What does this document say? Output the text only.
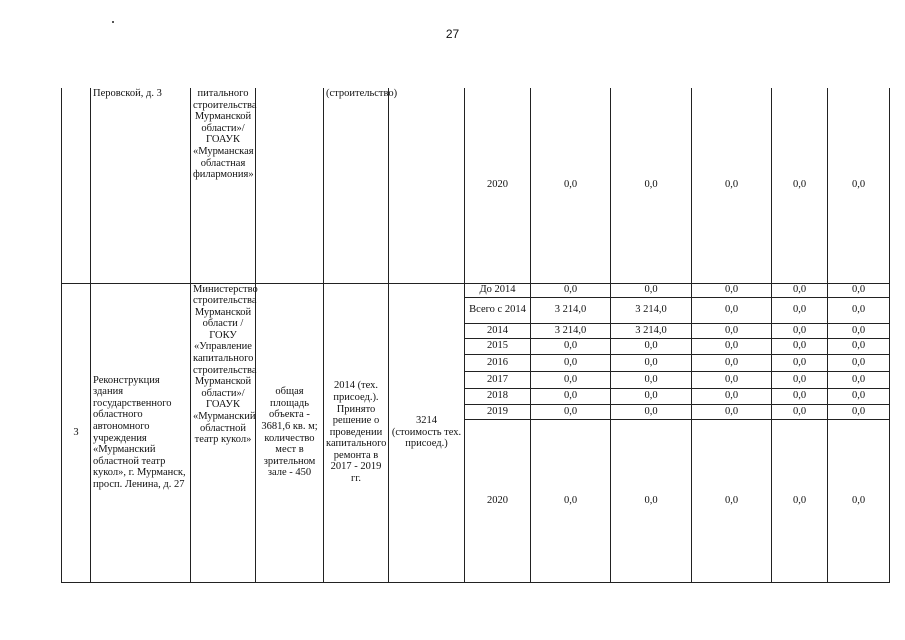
27
	Перовской, д. 3	питального строительства Мурманской области»/ ГОАУК «Мурманская областная филармония»		(строительство)		2020	0,0	0,0	0,0	0,0	0,0
3	Реконструкция здания государственного областного автономного учреждения «Мурманский областной театр кукол», г. Мурманск, просп. Ленина, д. 27	Министерство строительства Мурманской области /ГОКУ «Управление капитального строительства Мурманской области»/ ГОАУК «Мурманский областной театр кукол»	общая площадь объекта - 3681,6 кв. м; количество мест в зрительном зале - 450	2014 (тех. присоед.). Принято решение о проведении капитального ремонта в 2017 - 2019 гг.	3214 (стоимость тех. присоед.)	До 2014	0,0	0,0	0,0	0,0	0,0
						Всего с 2014	3 214,0	3 214,0	0,0	0,0	0,0
						2014	3 214,0	3 214,0	0,0	0,0	0,0
						2015	0,0	0,0	0,0	0,0	0,0
						2016	0,0	0,0	0,0	0,0	0,0
						2017	0,0	0,0	0,0	0,0	0,0
						2018	0,0	0,0	0,0	0,0	0,0
						2019	0,0	0,0	0,0	0,0	0,0
						2020	0,0	0,0	0,0	0,0	0,0
